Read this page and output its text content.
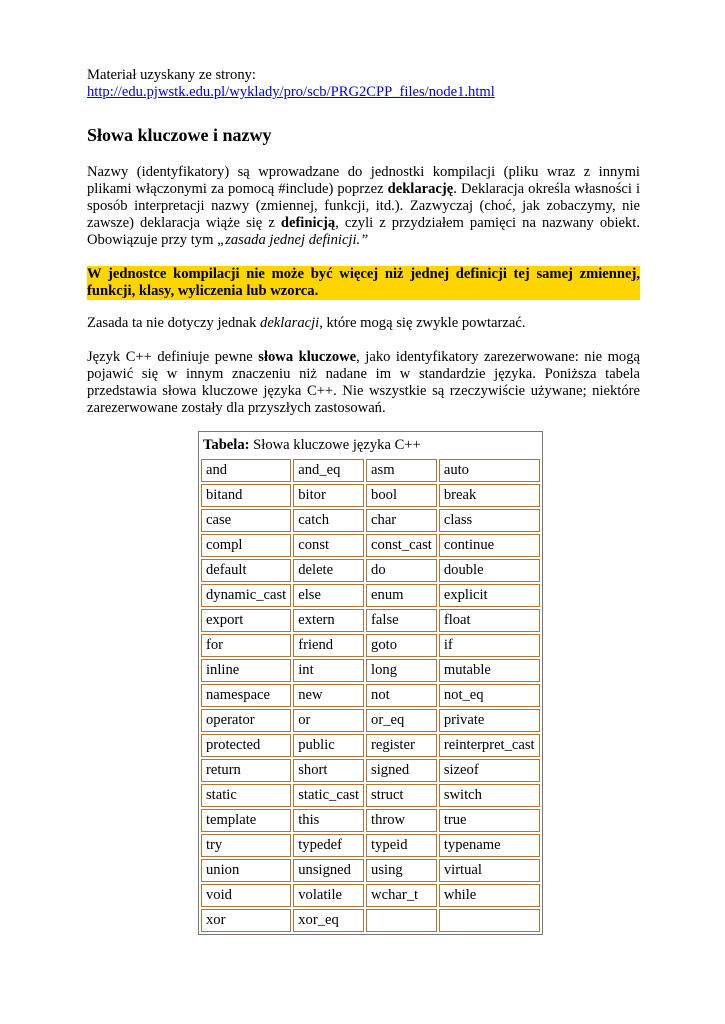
Materiał uzyskany ze strony:
http://edu.pjwstk.edu.pl/wyklady/pro/scb/PRG2CPP_files/node1.html
Słowa kluczowe i nazwy

Nazwy (identyfikatory) są wprowadzane do jednostki kompilacji (pliku wraz z innymi plikami włączonymi za pomocą #include) poprzez deklarację. Deklaracja określa własności i sposób interpretacji nazwy (zmiennej, funkcji, itd.). Zazwyczaj (choć, jak zobaczymy, nie zawsze) deklaracja wiąże się z definicją, czyli z przydziałem pamięci na nazwany obiekt. Obowiązuje przy tym „zasada jednej definicji.”

W jednostce kompilacji nie może być więcej niż jednej definicji tej samej zmiennej, funkcji, klasy, wyliczenia lub wzorca.

Zasada ta nie dotyczy jednak deklaracji, które mogą się zwykle powtarzać.

Język C++ definiuje pewne słowa kluczowe, jako identyfikatory zarezerwowane: nie mogą pojawić się w innym znaczeniu niż nadane im w standardzie języka. Poniższa tabela przedstawia słowa kluczowe języka C++. Nie wszystkie są rzeczywiście używane; niektóre zarezerwowane zostały dla przyszłych zastosowań.

Tabela: Słowa kluczowe języka C++			
and	and_eq	asm	auto
bitand	bitor	bool	break
case	catch	char	class
compl	const	const_cast	continue
default	delete	do	double
dynamic_cast	else	enum	explicit
export	extern	false	float
for	friend	goto	if
inline	int	long	mutable
namespace	new	not	not_eq
operator	or	or_eq	private
protected	public	register	reinterpret_cast
return	short	signed	sizeof
static	static_cast	struct	switch
template	this	throw	true
try	typedef	typeid	typename
union	unsigned	using	virtual
void	volatile	wchar_t	while
xor	xor_eq		
